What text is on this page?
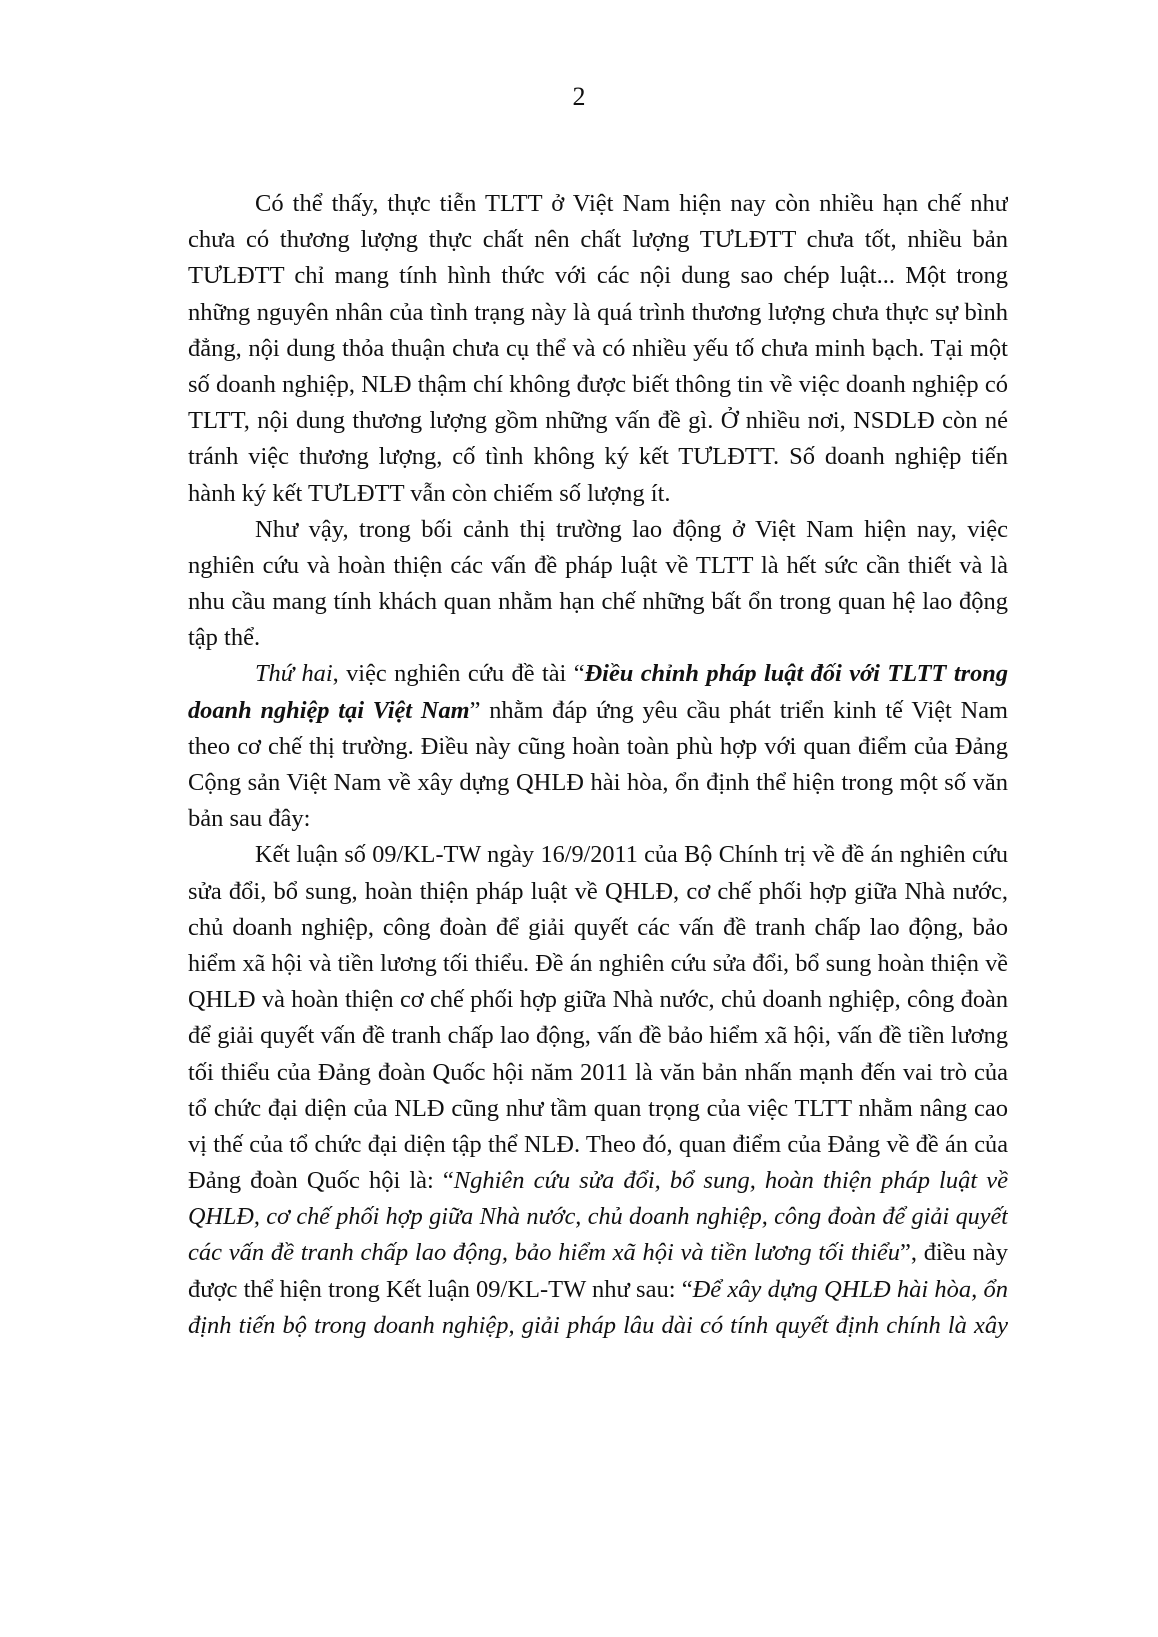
2
Có thể thấy, thực tiễn TLTT ở Việt Nam hiện nay còn nhiều hạn chế như
chưa có thương lượng thực chất nên chất lượng TƯLĐTT chưa tốt, nhiều bản
TƯLĐTT chỉ mang tính hình thức với các nội dung sao chép luật... Một trong
những nguyên nhân của tình trạng này là quá trình thương lượng chưa thực sự bình
đẳng, nội dung thỏa thuận chưa cụ thể và có nhiều yếu tố chưa minh bạch. Tại một
số doanh nghiệp, NLĐ thậm chí không được biết thông tin về việc doanh nghiệp có
TLTT, nội dung thương lượng gồm những vấn đề gì. Ở nhiều nơi, NSDLĐ còn né
tránh việc thương lượng, cố tình không ký kết TƯLĐTT. Số doanh nghiệp tiến
hành ký kết TƯLĐTT vẫn còn chiếm số lượng ít.
Như vậy, trong bối cảnh thị trường lao động ở Việt Nam hiện nay, việc
nghiên cứu và hoàn thiện các vấn đề pháp luật về TLTT là hết sức cần thiết và là
nhu cầu mang tính khách quan nhằm hạn chế những bất ổn trong quan hệ lao động
tập thể.
Thứ hai, việc nghiên cứu đề tài “Điều chỉnh pháp luật đối với TLTT trong
doanh nghiệp tại Việt Nam” nhằm đáp ứng yêu cầu phát triển kinh tế Việt Nam
theo cơ chế thị trường. Điều này cũng hoàn toàn phù hợp với quan điểm của Đảng
Cộng sản Việt Nam về xây dựng QHLĐ hài hòa, ổn định thể hiện trong một số văn
bản sau đây:
Kết luận số 09/KL-TW ngày 16/9/2011 của Bộ Chính trị về đề án nghiên cứu
sửa đổi, bổ sung, hoàn thiện pháp luật về QHLĐ, cơ chế phối hợp giữa Nhà nước,
chủ doanh nghiệp, công đoàn để giải quyết các vấn đề tranh chấp lao động, bảo
hiểm xã hội và tiền lương tối thiểu. Đề án nghiên cứu sửa đổi, bổ sung hoàn thiện về
QHLĐ và hoàn thiện cơ chế phối hợp giữa Nhà nước, chủ doanh nghiệp, công đoàn
để giải quyết vấn đề tranh chấp lao động, vấn đề bảo hiểm xã hội, vấn đề tiền lương
tối thiểu của Đảng đoàn Quốc hội năm 2011 là văn bản nhấn mạnh đến vai trò của
tổ chức đại diện của NLĐ cũng như tầm quan trọng của việc TLTT nhằm nâng cao
vị thế của tổ chức đại diện tập thể NLĐ. Theo đó, quan điểm của Đảng về đề án của
Đảng đoàn Quốc hội là: “Nghiên cứu sửa đổi, bổ sung, hoàn thiện pháp luật về
QHLĐ, cơ chế phối hợp giữa Nhà nước, chủ doanh nghiệp, công đoàn để giải quyết
các vấn đề tranh chấp lao động, bảo hiểm xã hội và tiền lương tối thiểu”, điều này
được thể hiện trong Kết luận 09/KL-TW như sau: “Để xây dựng QHLĐ hài hòa, ổn
định tiến bộ trong doanh nghiệp, giải pháp lâu dài có tính quyết định chính là xây
